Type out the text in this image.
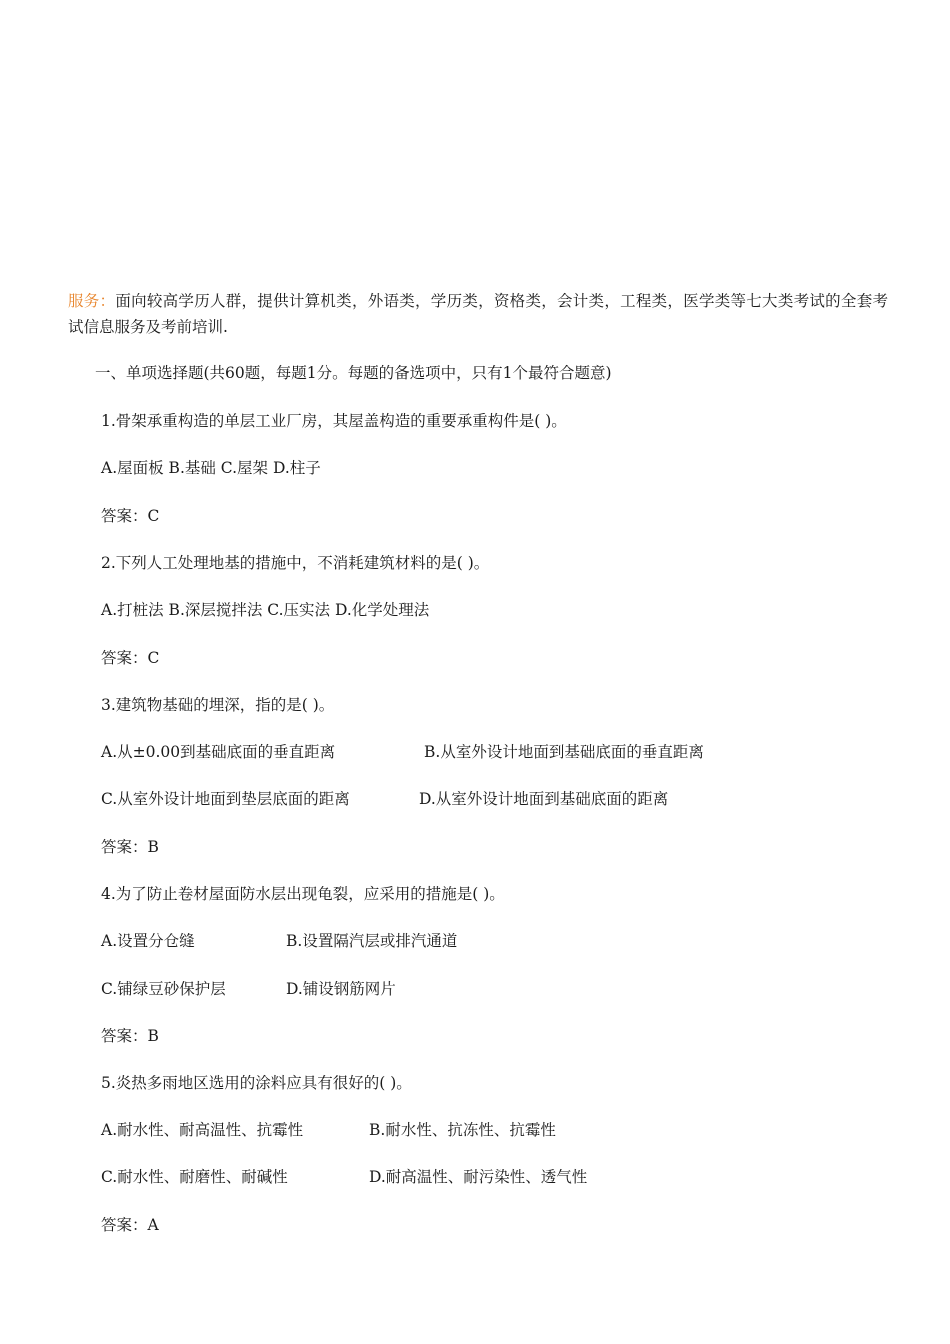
服务：面向较高学历人群，提供计算机类，外语类，学历类，资格类，会计类，工程类，医学类等七大类考试的全套考试信息服务及考前培训.
一、单项选择题(共60题，每题1分。每题的备选项中，只有1个最符合题意)
1.骨架承重构造的单层工业厂房，其屋盖构造的重要承重构件是( )。
A.屋面板 B.基础 C.屋架 D.柱子
答案：C
2.下列人工处理地基的措施中，不消耗建筑材料的是( )。
A.打桩法 B.深层搅拌法 C.压实法 D.化学处理法
答案：C
3.建筑物基础的埋深，指的是( )。
A.从±0.00到基础底面的垂直距离	B.从室外设计地面到基础底面的垂直距离
C.从室外设计地面到垫层底面的距离	D.从室外设计地面到基础底面的距离
答案：B
4.为了防止卷材屋面防水层出现龟裂，应采用的措施是( )。
A.设置分仓缝	B.设置隔汽层或排汽通道
C.铺绿豆砂保护层	D.铺设钢筋网片
答案：B
5.炎热多雨地区选用的涂料应具有很好的( )。
A.耐水性、耐高温性、抗霉性	B.耐水性、抗冻性、抗霉性
C.耐水性、耐磨性、耐碱性	D.耐高温性、耐污染性、透气性
答案：A
